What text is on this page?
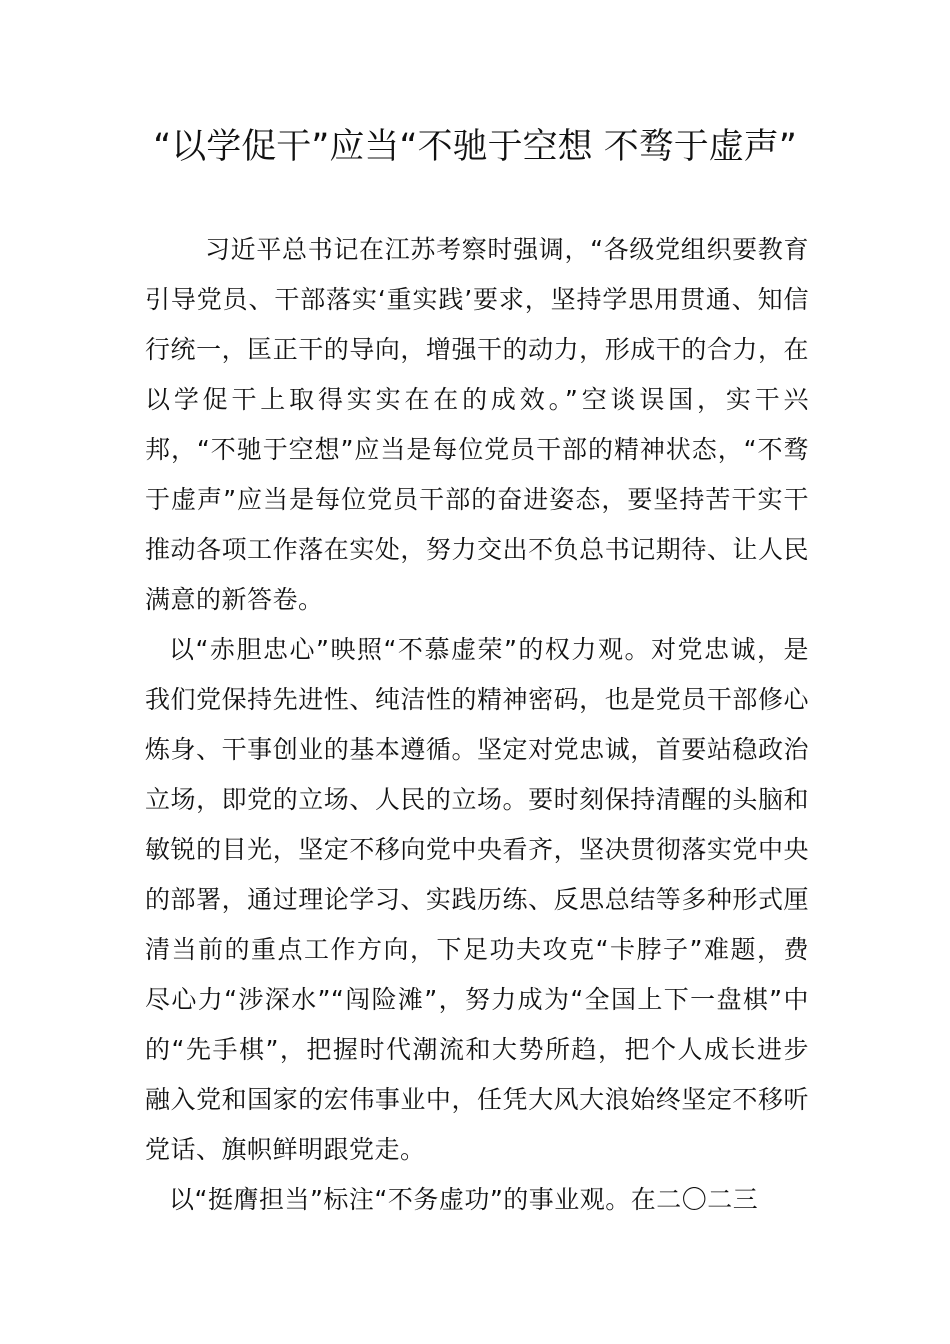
“以学促干”应当“不驰于空想 不骛于虚声”

习近平总书记在江苏考察时强调，“各级党组织要教育引导党员、干部落实‘重实践’要求，坚持学思用贯通、知信行统一，匡正干的导向，增强干的动力，形成干的合力，在以学促干上取得实实在在的成效。”空谈误国，实干兴邦，“不驰于空想”应当是每位党员干部的精神状态，“不骛于虚声”应当是每位党员干部的奋进姿态，要坚持苦干实干推动各项工作落在实处，努力交出不负总书记期待、让人民满意的新答卷。

以“赤胆忠心”映照“不慕虚荣”的权力观。对党忠诚，是我们党保持先进性、纯洁性的精神密码，也是党员干部修心炼身、干事创业的基本遵循。坚定对党忠诚，首要站稳政治立场，即党的立场、人民的立场。要时刻保持清醒的头脑和敏锐的目光，坚定不移向党中央看齐，坚决贯彻落实党中央的部署，通过理论学习、实践历练、反思总结等多种形式厘清当前的重点工作方向，下足功夫攻克“卡脖子”难题，费尽心力“涉深水”“闯险滩”，努力成为“全国上下一盘棋”中的“先手棋”，把握时代潮流和大势所趋，把个人成长进步融入党和国家的宏伟事业中，任凭大风大浪始终坚定不移听党话、旗帜鲜明跟党走。

以“挺膺担当”标注“不务虚功”的事业观。在二〇二三
